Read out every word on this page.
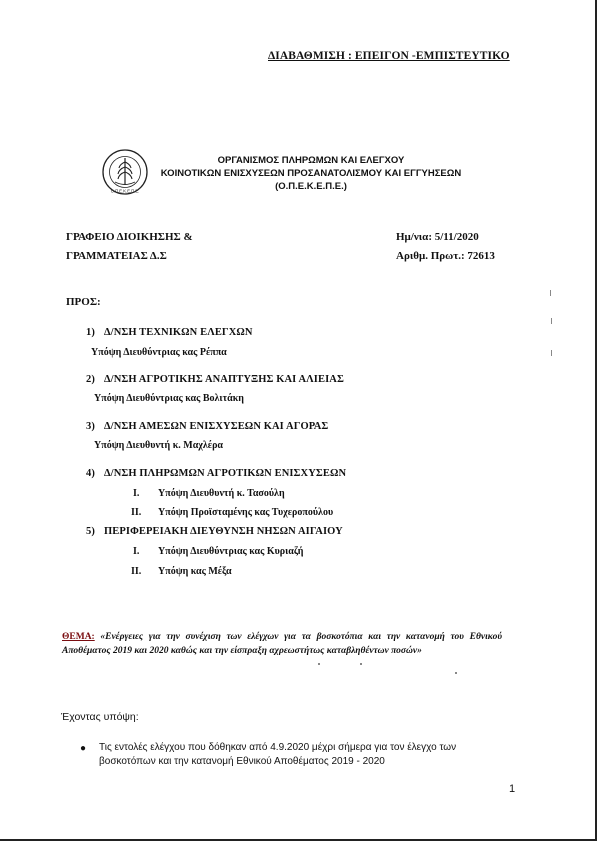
ΔΙΑΒΑΘΜΙΣΗ : ΕΠΕΙΓΟΝ -ΕΜΠΙΣΤΕΥΤΙΚΟ
Ο.Π.Ε.Κ.Ε.Π.Ε.
ΟΡΓΑΝΙΣΜΟΣ ΠΛΗΡΩΜΩΝ ΚΑΙ ΕΛΕΓΧΟΥ
ΚΟΙΝΟΤΙΚΩΝ ΕΝΙΣΧΥΣΕΩΝ ΠΡΟΣΑΝΑΤΟΛΙΣΜΟΥ ΚΑΙ ΕΓΓΥΗΣΕΩΝ
(Ο.Π.Ε.Κ.Ε.Π.Ε.)
ΓΡΑΦΕΙΟ ΔΙΟΙΚΗΣΗΣ &
ΓΡΑΜΜΑΤΕΙΑΣ Δ.Σ
Ημ/νια: 5/11/2020
Αριθμ. Πρωτ.: 72613
ΠΡΟΣ:
1) Δ/ΝΣΗ ΤΕΧΝΙΚΩΝ ΕΛΕΓΧΩΝ
Υπόψη Διευθύντριας κας Ρέππα
2) Δ/ΝΣΗ ΑΓΡΟΤΙΚΗΣ ΑΝΑΠΤΥΞΗΣ ΚΑΙ ΑΛΙΕΙΑΣ
Υπόψη Διευθύντριας κας Βολιτάκη
3) Δ/ΝΣΗ ΑΜΕΣΩΝ ΕΝΙΣΧΥΣΕΩΝ ΚΑΙ ΑΓΟΡΑΣ
Υπόψη Διευθυντή κ. Μαχλέρα
4) Δ/ΝΣΗ ΠΛΗΡΩΜΩΝ ΑΓΡΟΤΙΚΩΝ ΕΝΙΣΧΥΣΕΩΝ
I. Υπόψη Διευθυντή κ. Τασούλη
II. Υπόψη Προϊσταμένης κας Τυχεροπούλου
5) ΠΕΡΙΦΕΡΕΙΑΚΗ ΔΙΕΥΘΥΝΣΗ ΝΗΣΩΝ ΑΙΓΑΙΟΥ
I. Υπόψη Διευθύντριας κας Κυριαζή
II. Υπόψη κας Μέξα
ΘΕΜΑ: «Ενέργειες για την συνέχιση των ελέγχων για τα βοσκοτόπια και την κατανομή του Εθνικού Αποθέματος 2019 και 2020 καθώς και την είσπραξη αχρεωστήτως καταβληθέντων ποσών»
Έχοντας υπόψη:
●	Τις εντολές ελέγχου που δόθηκαν από 4.9.2020 μέχρι σήμερα για τον έλεγχο των βοσκοτόπων και την κατανομή Εθνικού Αποθέματος 2019 - 2020
1
